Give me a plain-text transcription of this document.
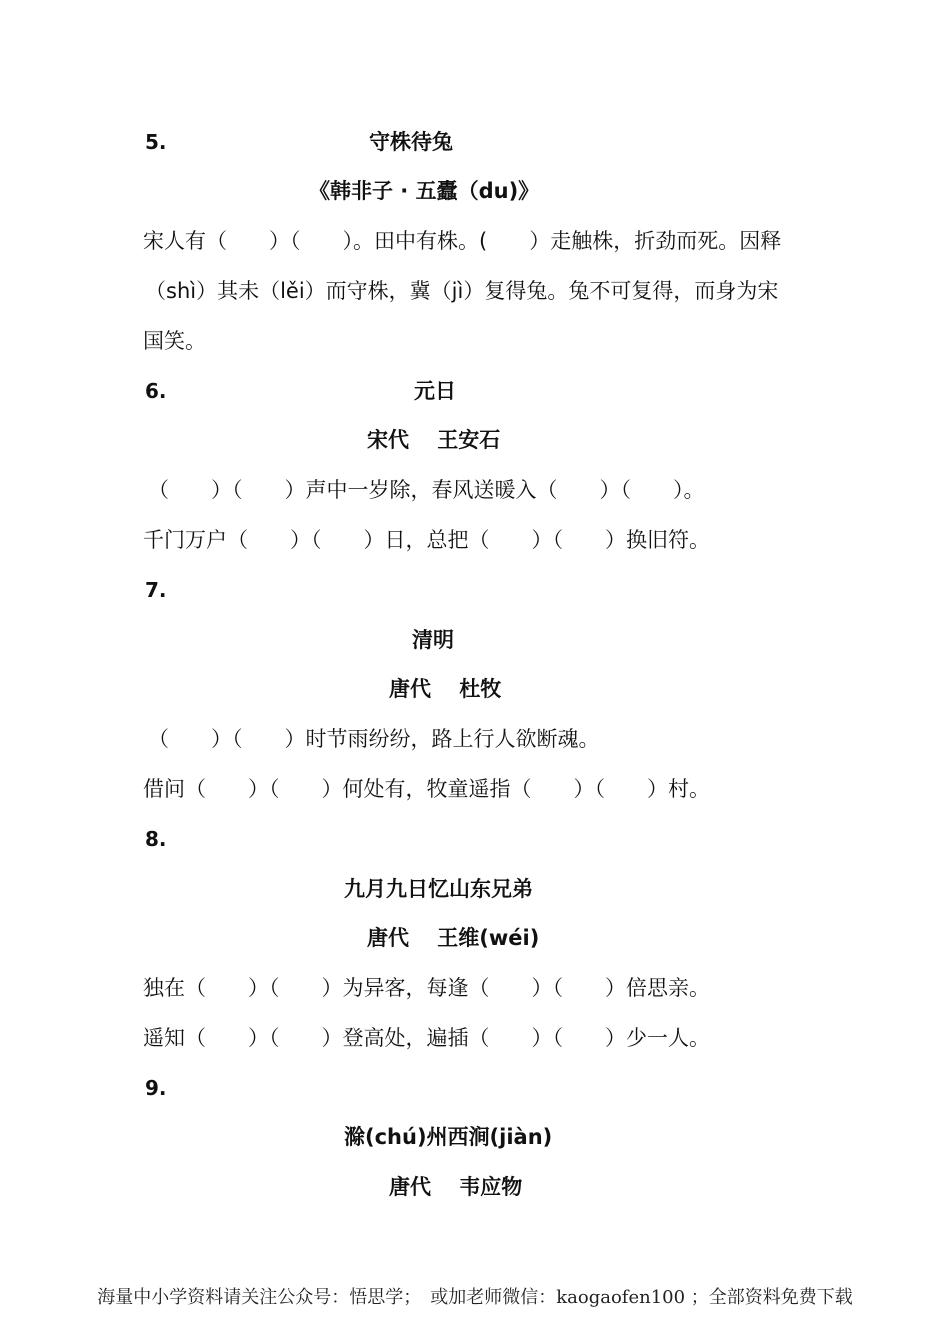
5.	守株待兔
《韩非子 · 五蠹（du)》
宋人有（　　）（　　）。田中有株。(　　）走触株，折劲而死。因释
（shì）其未（lěi）而守株，冀（jì）复得兔。兔不可复得，而身为宋
国笑。
6.	元日
宋代　 王安石
（　　）（　　）声中一岁除，春风送暖入（　　）（　　）。
千门万户（　　）（　　）日，总把（　　）（　　）换旧符。
7.
清明
唐代　 杜牧
（　　）（　　）时节雨纷纷，路上行人欲断魂。
借问（　　）（　　）何处有，牧童遥指（　　）（　　）村。
8.
九月九日忆山东兄弟
唐代　 王维(wéi)
独在（　　）（　　）为异客，每逢（　　）（　　）倍思亲。
遥知（　　）（　　）登高处，遍插（　　）（　　）少一人。
9.
滁(chú)州西涧(jiàn)
唐代　 韦应物
海量中小学资料请关注公众号：悟思学；　或加老师微信：kaogaofen100 ；全部资料免费下载
